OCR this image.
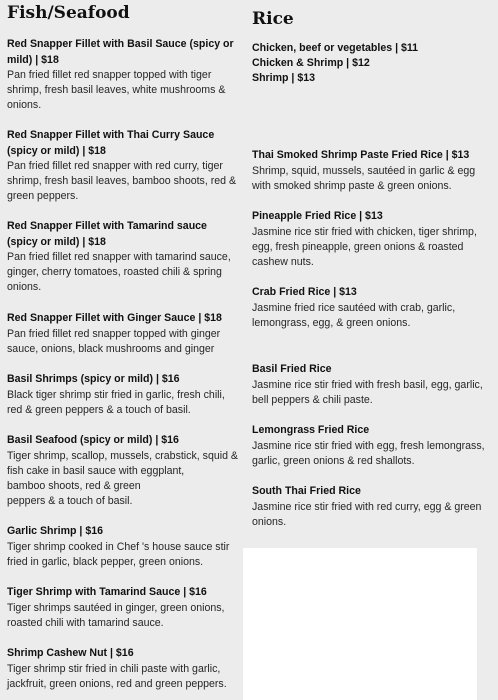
Fish/Seafood
Red Snapper Fillet with Basil Sauce (spicy or mild) | $18
Pan fried fillet red snapper topped with tiger shrimp, fresh basil leaves, white mushrooms & onions.
Red Snapper Fillet with Thai Curry Sauce (spicy or mild) | $18
Pan fried fillet red snapper with red curry, tiger shrimp, fresh basil leaves, bamboo shoots, red & green peppers.
Red Snapper Fillet with Tamarind sauce (spicy or mild) | $18
Pan fried fillet red snapper with tamarind sauce, ginger, cherry tomatoes, roasted chili & spring onions.
Red Snapper Fillet with Ginger Sauce | $18
Pan fried fillet red snapper topped with ginger sauce, onions, black mushrooms and ginger
Basil Shrimps (spicy or mild) | $16
Black tiger shrimp stir fried in garlic, fresh chili, red & green peppers & a touch of basil.
Basil Seafood (spicy or mild) | $16
Tiger shrimp, scallop, mussels, crabstick, squid & fish cake in basil sauce with eggplant,
bamboo shoots, red & green
peppers & a touch of basil.
Garlic Shrimp | $16
Tiger shrimp cooked in Chef 's house sauce stir fried in garlic, black pepper, green onions.
Tiger Shrimp with Tamarind Sauce | $16
Tiger shrimps sautéed in ginger, green onions, roasted chili with tamarind sauce.
Shrimp Cashew Nut | $16
Tiger shrimp stir fried in chili paste with garlic, jackfruit, green onions, red and green peppers.
Rice
Chicken, beef or vegetables | $11
Chicken & Shrimp | $12
Shrimp | $13
Thai Smoked Shrimp Paste Fried Rice | $13
Shrimp, squid, mussels, sautéed in garlic & egg with smoked shrimp paste & green onions.
Pineapple Fried Rice | $13
Jasmine rice stir fried with chicken, tiger shrimp, egg, fresh pineapple, green onions & roasted cashew nuts.
Crab Fried Rice | $13
Jasmine fried rice sautéed with crab, garlic, lemongrass, egg, & green onions.
Basil Fried Rice
Jasmine rice stir fried with fresh basil, egg, garlic, bell peppers & chili paste.
Lemongrass Fried Rice
Jasmine rice stir fried with egg, fresh lemongrass, garlic, green onions & red shallots.
South Thai Fried Rice
Jasmine rice stir fried with red curry, egg & green onions.
